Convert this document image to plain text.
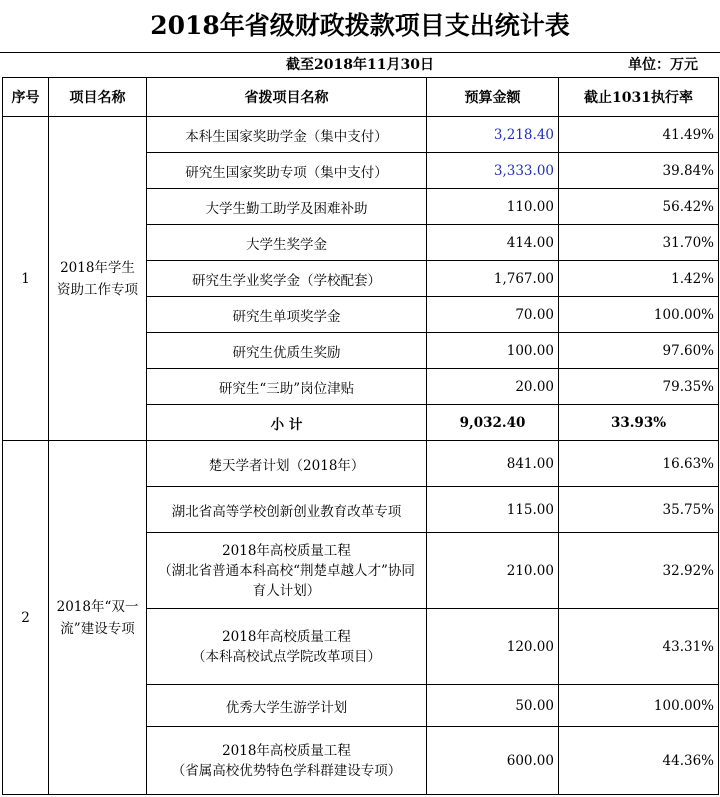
2018年省级财政拨款项目支出统计表
截至2018年11月30日	单位：万元
序号	项目名称	省拨项目名称	预算金额	截止1031执行率
1	2018年学生资助工作专项	本科生国家奖助学金（集中支付）	3,218.40	41.49%
		研究生国家奖助专项（集中支付）	3,333.00	39.84%
		大学生勤工助学及困难补助	110.00	56.42%
		大学生奖学金	414.00	31.70%
		研究生学业奖学金（学校配套）	1,767.00	1.42%
		研究生单项奖学金	70.00	100.00%
		研究生优质生奖励	100.00	97.60%
		研究生“三助”岗位津贴	20.00	79.35%
		小 计	9,032.40	33.93%
2	2018年“双一流”建设专项	楚天学者计划（2018年）	841.00	16.63%
		湖北省高等学校创新创业教育改革专项	115.00	35.75%
		2018年高校质量工程
（湖北省普通本科高校“荆楚卓越人才”协同育人计划）	210.00	32.92%
		2018年高校质量工程
（本科高校试点学院改革项目）	120.00	43.31%
		优秀大学生游学计划	50.00	100.00%
		2018年高校质量工程
（省属高校优势特色学科群建设专项）	600.00	44.36%
